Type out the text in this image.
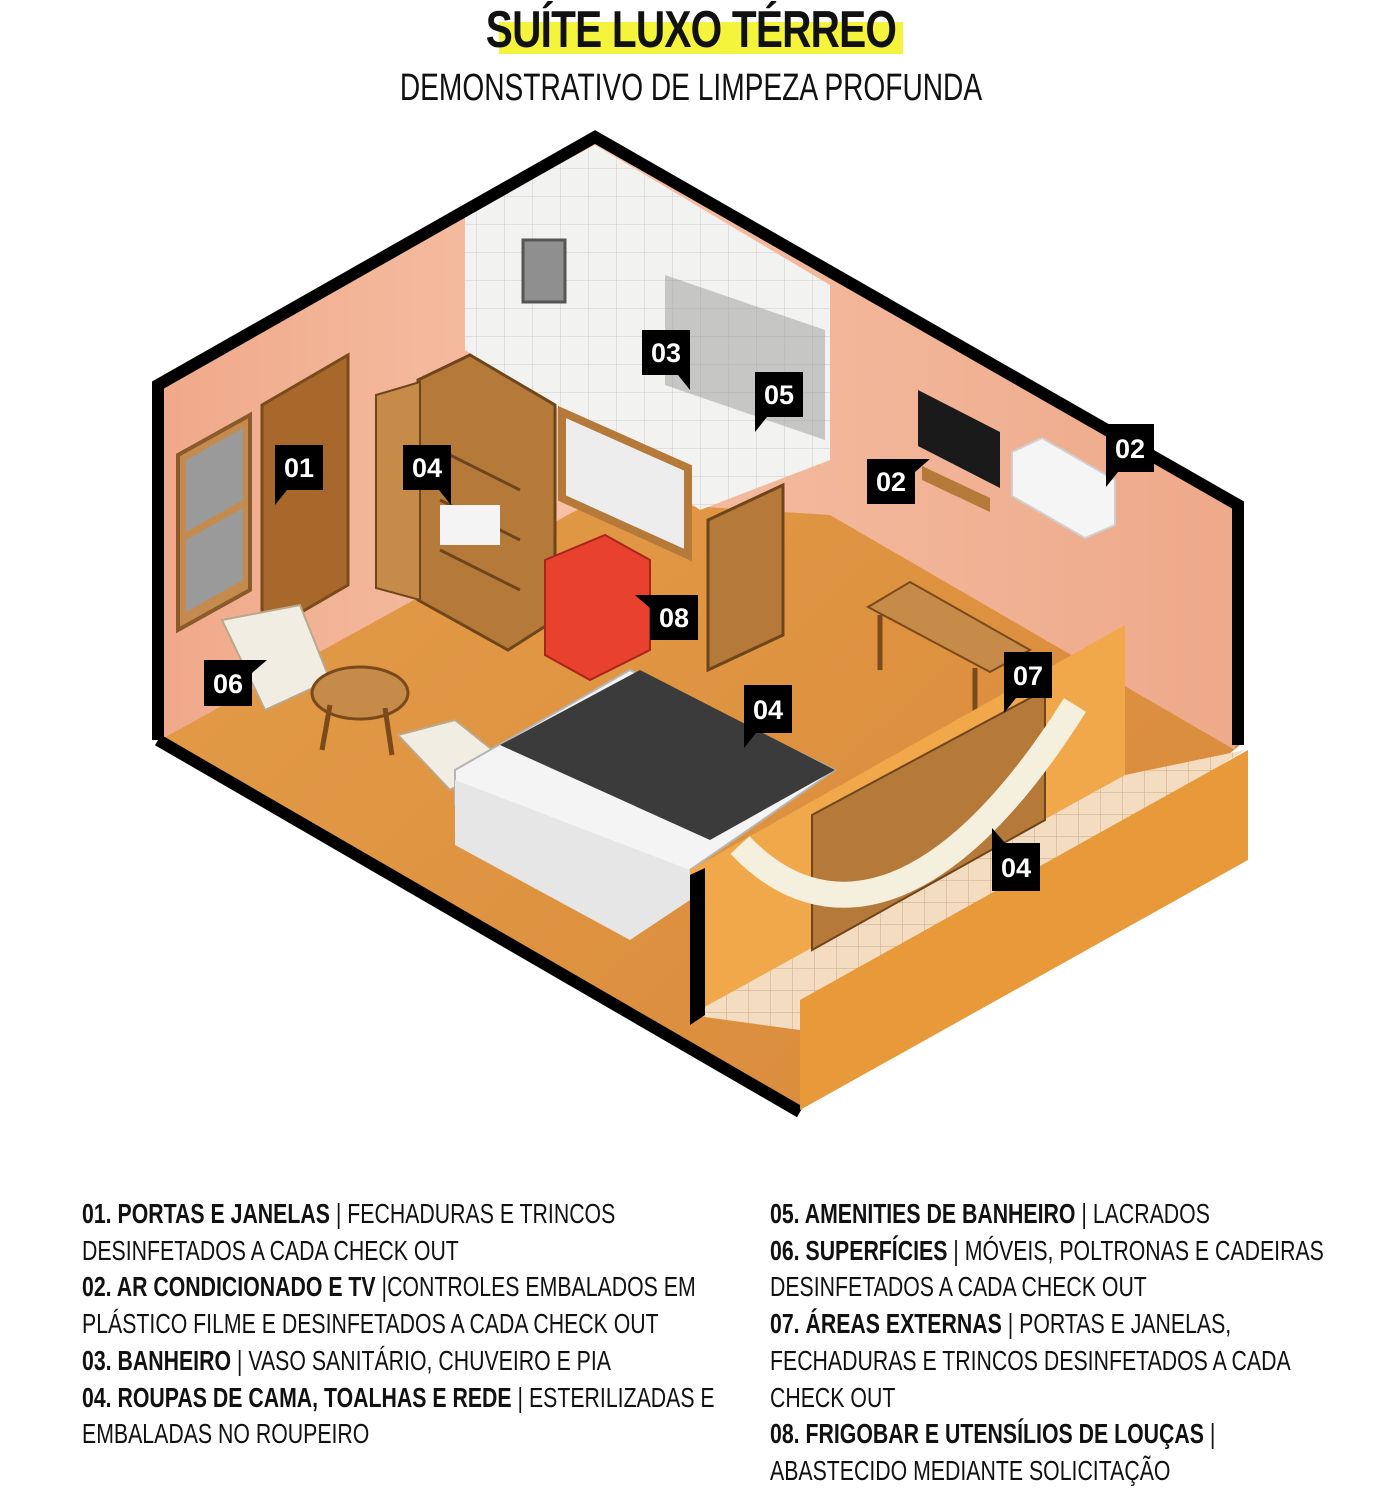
SUÍTE LUXO TÉRREO
DEMONSTRATIVO DE LIMPEZA PROFUNDA
01	04
03
05
02
02
08
06	07
04
04
01. PORTAS E JANELAS | FECHADURAS E TRINCOS DESINFETADOS A CADA CHECK OUT
02. AR CONDICIONADO E TV |CONTROLES EMBALADOS EM PLÁSTICO FILME E DESINFETADOS A CADA CHECK OUT
03. BANHEIRO | VASO SANITÁRIO, CHUVEIRO E PIA
04. ROUPAS DE CAMA, TOALHAS E REDE | ESTERILIZADAS E EMBALADAS NO ROUPEIRO
05. AMENITIES DE BANHEIRO | LACRADOS
06. SUPERFÍCIES | MÓVEIS, POLTRONAS E CADEIRAS DESINFETADOS A CADA CHECK OUT
07. ÁREAS EXTERNAS | PORTAS E JANELAS, FECHADURAS E TRINCOS DESINFETADOS A CADA CHECK OUT
08. FRIGOBAR E UTENSÍLIOS DE LOUÇAS | ABASTECIDO MEDIANTE SOLICITAÇÃO
